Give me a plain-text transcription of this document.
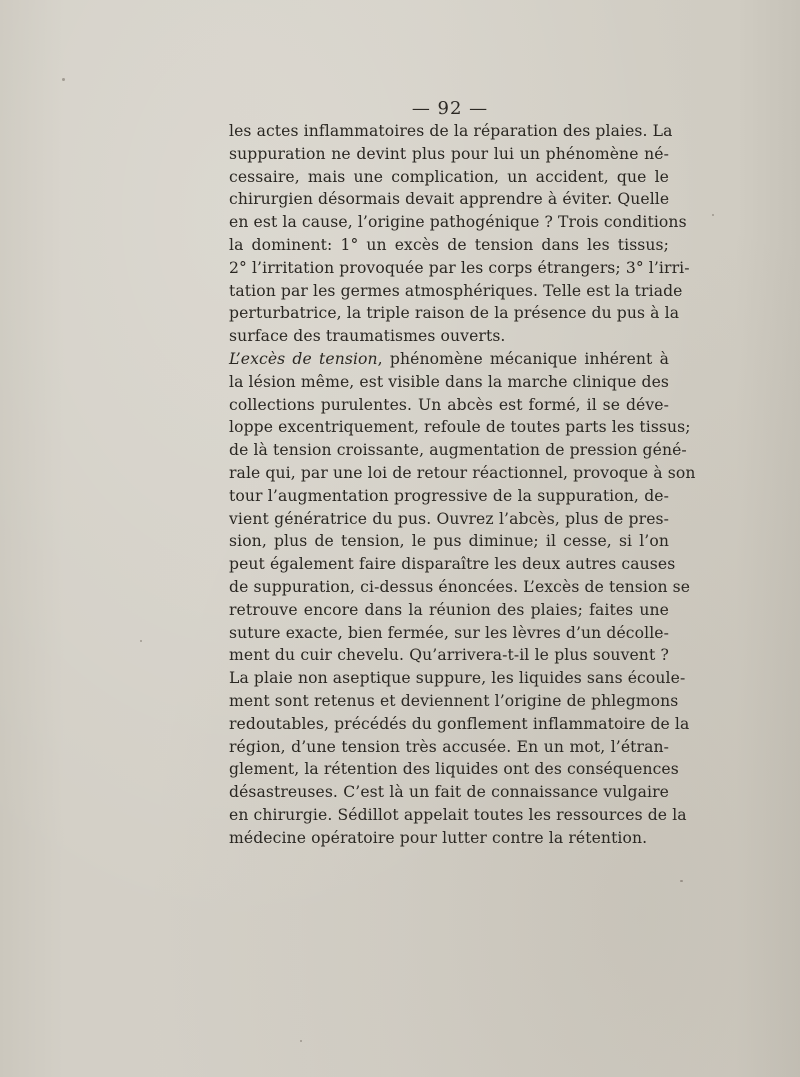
— 92 —
les actes inflammatoires de la réparation des plaies. La
suppuration ne devint plus pour lui un phénomène né-
cessaire, mais une complication, un accident, que le
chirurgien désormais devait apprendre à éviter. Quelle
en est la cause, l’origine pathogénique ? Trois conditions
la dominent: 1° un excès de tension dans les tissus;
2° l’irritation provoquée par les corps étrangers; 3° l’irri-
tation par les germes atmosphériques. Telle est la triade
perturbatrice, la triple raison de la présence du pus à la
surface des traumatismes ouverts.
L’excès de tension, phénomène mécanique inhérent à
la lésion même, est visible dans la marche clinique des
collections purulentes. Un abcès est formé, il se déve-
loppe excentriquement, refoule de toutes parts les tissus;
de là tension croissante, augmentation de pression géné-
rale qui, par une loi de retour réactionnel, provoque à son
tour l’augmentation progressive de la suppuration, de-
vient génératrice du pus. Ouvrez l’abcès, plus de pres-
sion, plus de tension, le pus diminue; il cesse, si l’on
peut également faire disparaître les deux autres causes
de suppuration, ci-dessus énoncées. L’excès de tension se
retrouve encore dans la réunion des plaies; faites une
suture exacte, bien fermée, sur les lèvres d’un décolle-
ment du cuir chevelu. Qu’arrivera-t-il le plus souvent ?
La plaie non aseptique suppure, les liquides sans écoule-
ment sont retenus et deviennent l’origine de phlegmons
redoutables, précédés du gonflement inflammatoire de la
région, d’une tension très accusée. En un mot, l’étran-
glement, la rétention des liquides ont des conséquences
désastreuses. C’est là un fait de connaissance vulgaire
en chirurgie. Sédillot appelait toutes les ressources de la
médecine opératoire pour lutter contre la rétention.
